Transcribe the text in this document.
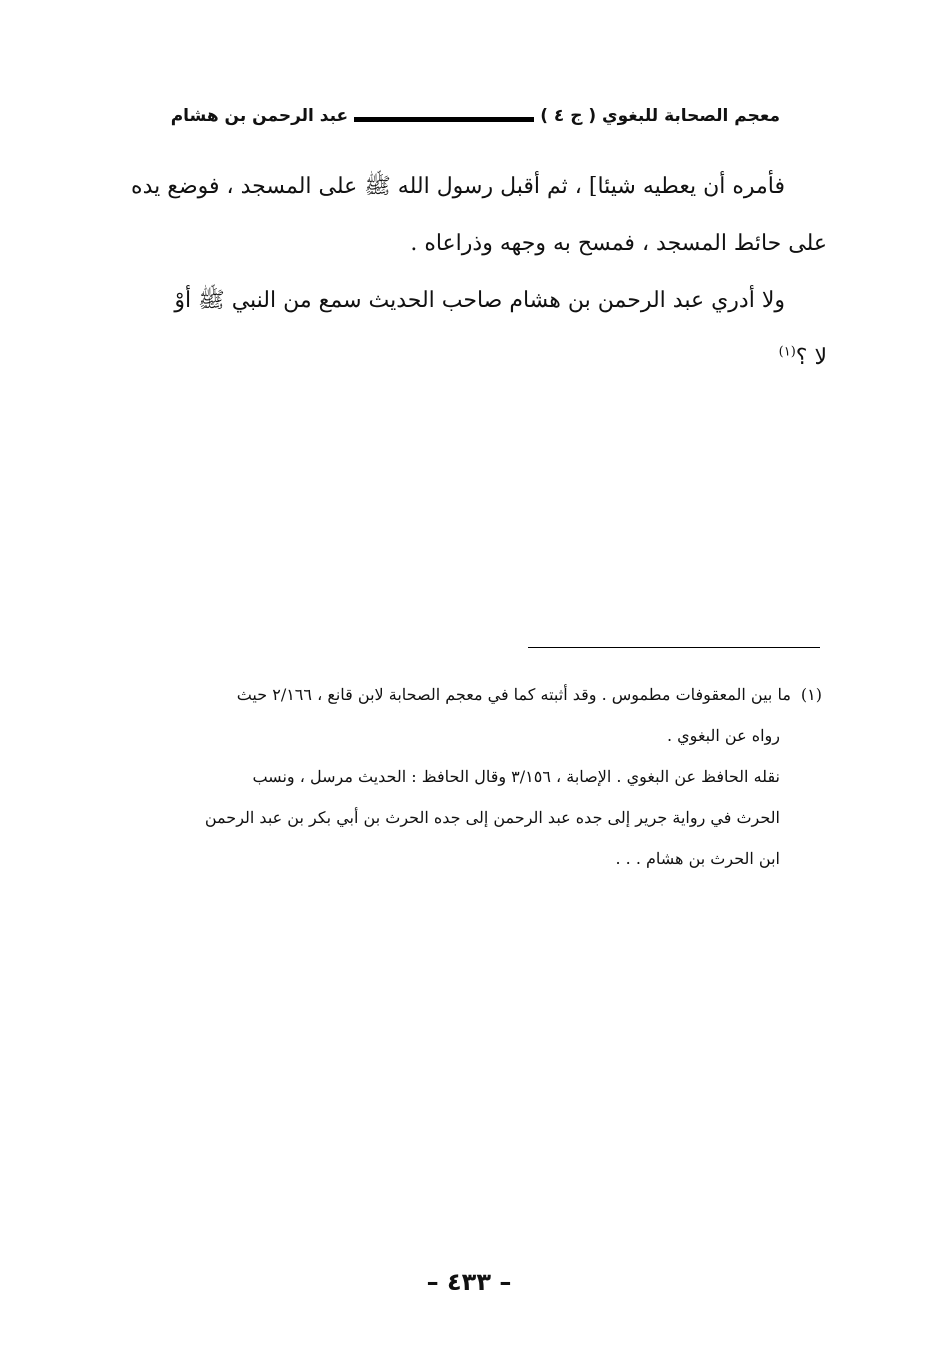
معجم الصحابة للبغوي ( ج ٤ )
عبد الرحمن بن هشام

فأمره أن يعطيه شيئا] ، ثم أقبل رسول الله ﷺ على المسجد ، فوضع يده
على حائط المسجد ، فمسح به وجهه وذراعاه .

ولا أدري عبد الرحمن بن هشام صاحب الحديث سمع من النبي ﷺ أوْ
لا ؟$^{(١)}$

(١)ما بين المعقوفات مطموس . وقد أثبته كما في معجم الصحابة لابن قانع ، ٢/١٦٦ حيث

رواه عن البغوي .

نقله الحافظ عن البغوي . الإصابة ، ٣/١٥٦ وقال الحافظ : الحديث مرسل ، ونسب

الحرث في رواية جرير إلى جده عبد الرحمن إلى جده الحرث بن أبي بكر بن عبد الرحمن

ابن الحرث بن هشام . . .

– ٤٣٣ –
